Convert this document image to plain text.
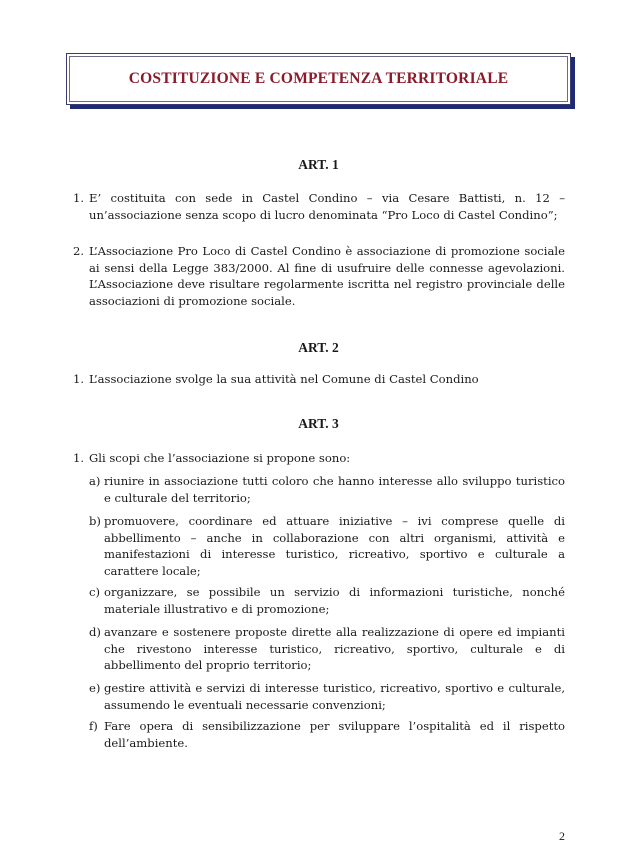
COSTITUZIONE E COMPETENZA TERRITORIALE
ART. 1
1. E’ costituita con sede in Castel Condino – via Cesare Battisti, n. 12 – un’associazione senza scopo di lucro denominata “Pro Loco di Castel Condino”;
2. L’Associazione Pro Loco di Castel Condino è associazione di promozione sociale ai sensi della Legge 383/2000. Al fine di usufruire delle connesse agevolazioni. L’Associazione deve risultare regolarmente iscritta nel registro provinciale delle associazioni di promozione sociale.
ART. 2
1. L’associazione svolge la sua attività nel Comune di Castel Condino
ART. 3
1. Gli scopi che l’associazione si propone sono:
a) riunire in associazione tutti coloro che hanno interesse allo sviluppo turistico e culturale del territorio;
b) promuovere, coordinare ed attuare iniziative – ivi comprese quelle di abbellimento – anche in collaborazione con altri organismi, attività e manifestazioni di interesse turistico, ricreativo, sportivo e culturale a carattere locale;
c) organizzare, se possibile un servizio di informazioni turistiche, nonché materiale illustrativo e di promozione;
d) avanzare e sostenere proposte dirette alla realizzazione di opere ed impianti che rivestono interesse turistico, ricreativo, sportivo, culturale e di abbellimento del proprio territorio;
e) gestire attività e servizi di interesse turistico, ricreativo, sportivo e culturale, assumendo le eventuali necessarie convenzioni;
f) Fare opera di sensibilizzazione per sviluppare l’ospitalità ed il rispetto dell’ambiente.
2
